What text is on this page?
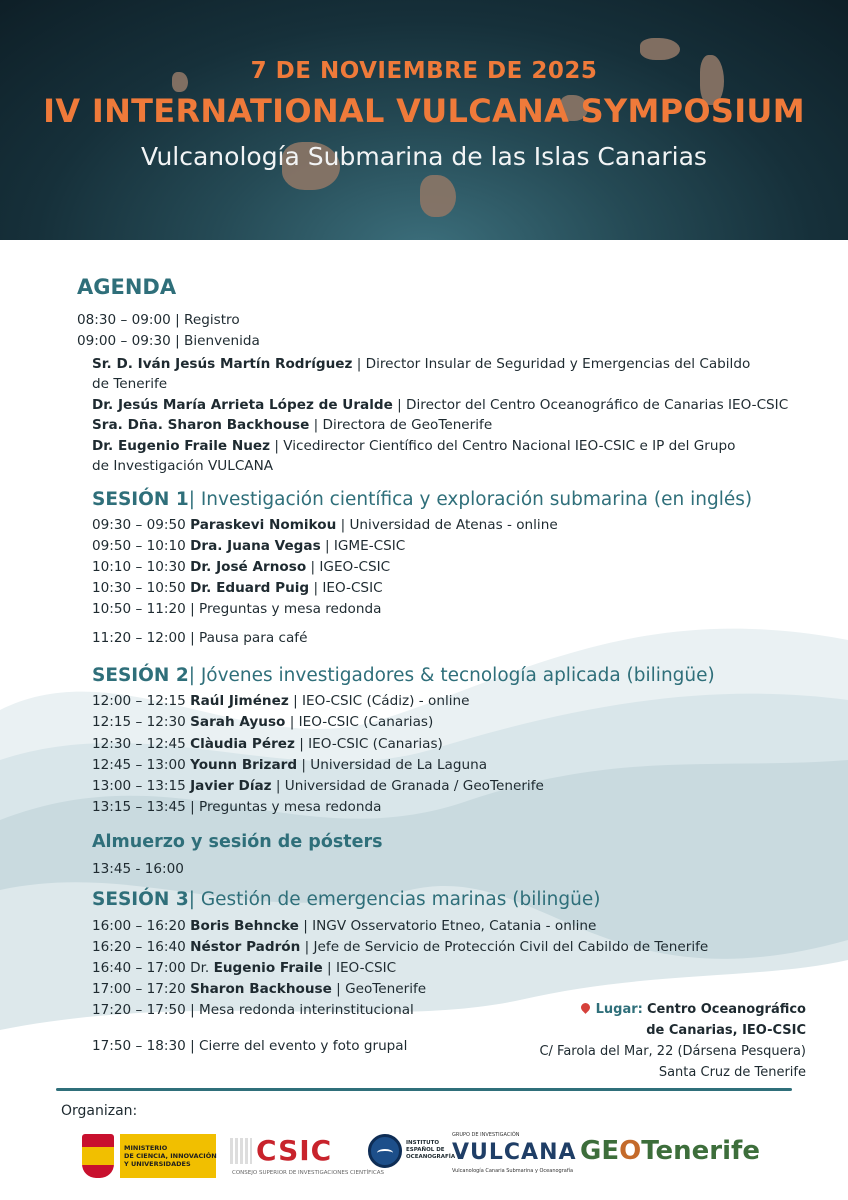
7 DE NOVIEMBRE DE 2025
IV INTERNATIONAL VULCANA SYMPOSIUM
Vulcanología Submarina de las Islas Canarias
AGENDA
08:30 – 09:00 | Registro
09:00 – 09:30 | Bienvenida
Sr. D. Iván Jesús Martín Rodríguez | Director Insular de Seguridad y Emergencias del Cabildo
de Tenerife
Dr. Jesús María Arrieta López de Uralde | Director del Centro Oceanográfico de Canarias IEO-CSIC
Sra. Dña. Sharon Backhouse | Directora de GeoTenerife
Dr. Eugenio Fraile Nuez | Vicedirector Científico del Centro Nacional IEO-CSIC e IP del Grupo
de Investigación VULCANA
SESIÓN 1| Investigación científica y exploración submarina (en inglés)
09:30 – 09:50 Paraskevi Nomikou | Universidad de Atenas - online
09:50 – 10:10 Dra. Juana Vegas | IGME-CSIC
10:10 – 10:30 Dr. José Arnoso | IGEO-CSIC
10:30 – 10:50 Dr. Eduard Puig | IEO-CSIC
10:50 – 11:20 | Preguntas y mesa redonda
11:20 – 12:00 | Pausa para café
SESIÓN 2| Jóvenes investigadores & tecnología aplicada (bilingüe)
12:00 – 12:15 Raúl Jiménez | IEO-CSIC (Cádiz) - online
12:15 – 12:30 Sarah Ayuso | IEO-CSIC (Canarias)
12:30 – 12:45 Clàudia Pérez | IEO-CSIC (Canarias)
12:45 – 13:00 Younn Brizard | Universidad de La Laguna
13:00 – 13:15 Javier Díaz | Universidad de Granada / GeoTenerife
13:15 – 13:45 | Preguntas y mesa redonda
Almuerzo y sesión de pósters
13:45 - 16:00
SESIÓN 3| Gestión de emergencias marinas (bilingüe)
16:00 – 16:20 Boris Behncke | INGV Osservatorio Etneo, Catania - online
16:20 – 16:40 Néstor Padrón | Jefe de Servicio de Protección Civil del Cabildo de Tenerife
16:40 – 17:00 Dr. Eugenio Fraile | IEO-CSIC
17:00 – 17:20 Sharon Backhouse | GeoTenerife
17:20 – 17:50 | Mesa redonda interinstitucional
17:50 – 18:30 | Cierre del evento y foto grupal
Lugar: Centro Oceanográfico
de Canarias, IEO-CSIC
C/ Farola del Mar, 22 (Dársena Pesquera)
Santa Cruz de Tenerife
Organizan:
MINISTERIO
DE CIENCIA, INNOVACIÓN
Y UNIVERSIDADES	CSIC
CONSEJO SUPERIOR DE INVESTIGACIONES CIENTÍFICAS
INSTITUTO
ESPAÑOL DE
OCEANOGRAFÍA
GRUPO DE INVESTIGACIÓN
VULCANA
Vulcanología Canaria Submarina y Oceanografía
GEOTenerife
